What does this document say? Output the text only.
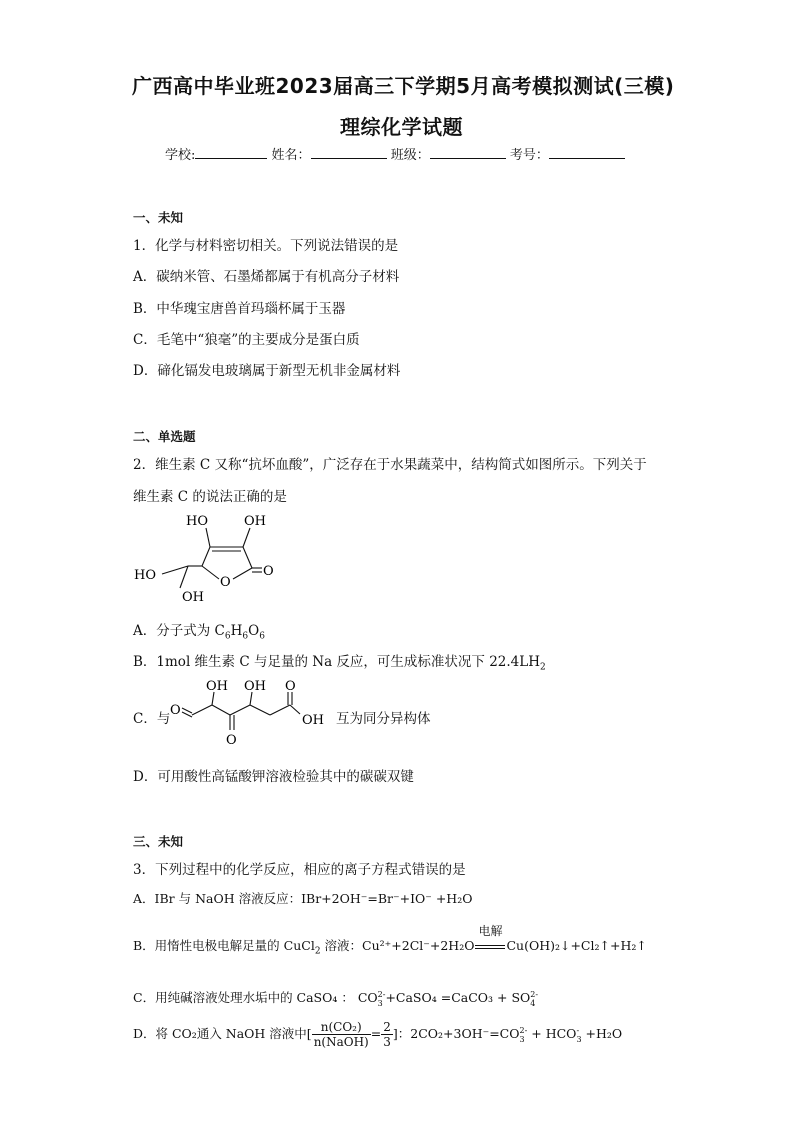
广西高中毕业班2023届高三下学期5月高考模拟测试(三模)
理综化学试题
学校:	姓名：	班级：	考号：
一、未知
1．化学与材料密切相关。下列说法错误的是
A．碳纳米管、石墨烯都属于有机高分子材料
B．中华瑰宝唐兽首玛瑙杯属于玉器
C．毛笔中“狼毫”的主要成分是蛋白质
D．碲化镉发电玻璃属于新型无机非金属材料
二、单选题
2．维生素 C 又称“抗坏血酸”，广泛存在于水果蔬菜中，结构简式如图所示。下列关于
维生素 C 的说法正确的是
HO	OH
O
O
HO
OH
A．分子式为 $C_6H_6O_6$
B．1mol 维生素 C 与足量的 Na 反应，可生成标准状况下 $22.4LH_2$
C．与
O
OH
O
OH O
OH 互为同分异构体
D．可用酸性高锰酸钾溶液检验其中的碳碳双键
三、未知
3．下列过程中的化学反应，相应的离子方程式错误的是
A．IBr 与 NaOH 溶液反应：IBr+2OH⁻=Br⁻+IO⁻ +H₂O
B．用惰性电极电解足量的 CuCl$_2$ 溶液：Cu²⁺+2Cl⁻+2H₂O
电解
Cu(OH)₂↓+Cl₂↑+H₂↑
C．用纯碱溶液处理水垢中的 CaSO₄ ： CO 2-
3 +CaSO₄ =CaCO₃ + SO 2-
4
D．将 CO₂通入 NaOH 溶液中[ $\frac{\text{n(CO₂)}}{\text{n(NaOH)}} = \frac{2}{3}$ ]：2CO₂+3OH⁻=CO 2-
3 + HCO -
3 +H₂O
